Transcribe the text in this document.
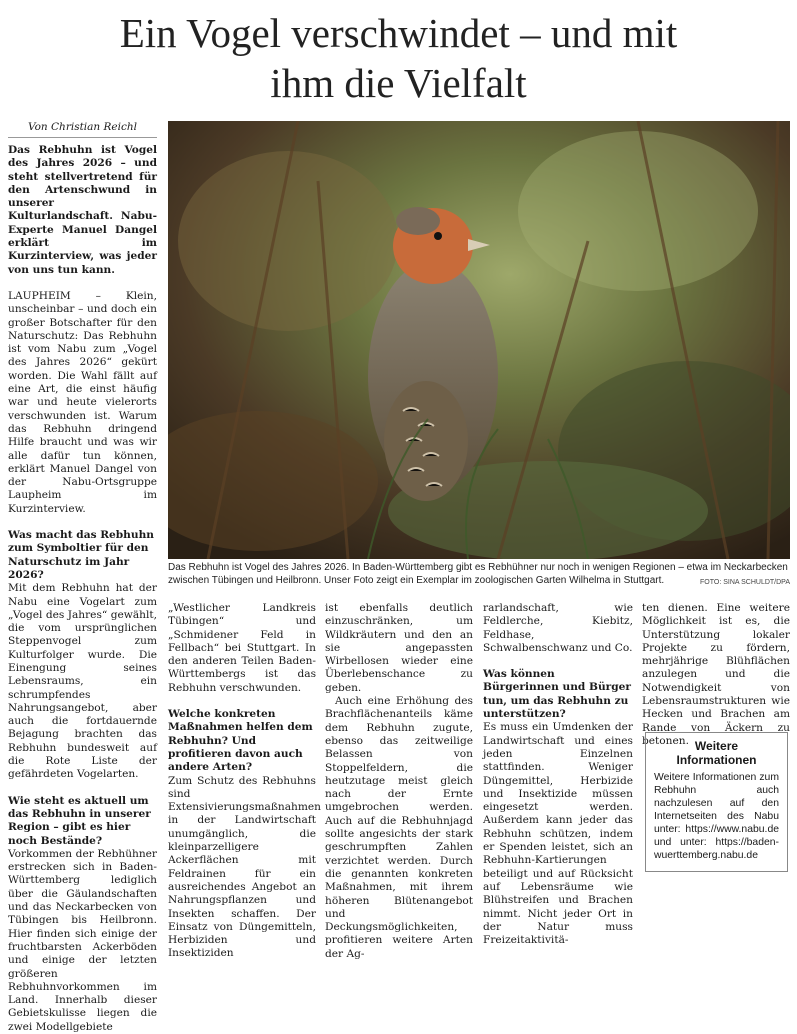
Ein Vogel verschwindet – und mit
ihm die Vielfalt
Von Christian Reichl

Das Rebhuhn ist Vogel des Jahres 2026 – und steht stellvertretend für den Artenschwund in unserer Kulturlandschaft. Nabu-Experte Manuel Dangel erklärt im Kurzinterview, was jeder von uns tun kann.

LAUPHEIM – Klein, unscheinbar – und doch ein großer Botschafter für den Naturschutz: Das Rebhuhn ist vom Nabu zum „Vogel des Jahres 2026“ gekürt worden. Die Wahl fällt auf eine Art, die einst häufig war und heute vielerorts verschwunden ist. Warum das Rebhuhn dringend Hilfe braucht und was wir alle dafür tun können, erklärt Manuel Dangel von der Nabu-Ortsgruppe Laupheim im Kurzinterview.

Was macht das Rebhuhn zum Symboltier für den Naturschutz im Jahr 2026?

Mit dem Rebhuhn hat der Nabu eine Vogelart zum „Vogel des Jahres“ gewählt, die vom ursprünglichen Steppenvogel zum Kulturfolger wurde. Die Einengung seines Lebensraums, ein schrumpfendes Nahrungsangebot, aber auch die fortdauernde Bejagung brachten das Rebhuhn bundesweit auf die Rote Liste der gefährdeten Vogelarten.

Wie steht es aktuell um das Rebhuhn in unserer Region – gibt es hier noch Bestände?

Vorkommen der Rebhühner erstrecken sich in Baden-Württemberg lediglich über die Gäulandschaften und das Neckarbecken von Tübingen bis Heilbronn. Hier finden sich einige der fruchtbarsten Ackerböden und einige der letzten größeren Rebhuhnvorkommen im Land. Innerhalb dieser Gebietskulisse liegen die zwei Modellgebiete

Das Rebhuhn ist Vogel des Jahres 2026. In Baden-Württemberg gibt es Rebhühner nur noch in wenigen Regionen – etwa im Neckarbecken zwischen Tübingen und Heilbronn. Unser Foto zeigt ein Exemplar im zoologischen Garten Wilhelma in Stuttgart.	FOTO: SINA SCHULDT/DPA

„Westlicher Landkreis Tübingen“ und „Schmidener Feld in Fellbach“ bei Stuttgart. In den anderen Teilen Baden-Württembergs ist das Rebhuhn verschwunden.

Welche konkreten Maßnahmen helfen dem Rebhuhn? Und profitieren davon auch andere Arten?

Zum Schutz des Rebhuhns sind Extensivierungsmaßnahmen in der Landwirtschaft unumgänglich, die kleinparzelligere Ackerflächen mit Feldrainen für ein ausreichendes Angebot an Nahrungspflanzen und Insekten schaffen. Der Einsatz von Düngemitteln, Herbiziden und Insektiziden

ist ebenfalls deutlich einzuschränken, um Wildkräutern und den an sie angepassten Wirbellosen wieder eine Überlebenschance zu geben.

Auch eine Erhöhung des Brachflächenanteils käme dem Rebhuhn zugute, ebenso das zeitweilige Belassen von Stoppelfeldern, die heutzutage meist gleich nach der Ernte umgebrochen werden. Auch auf die Rebhuhnjagd sollte angesichts der stark geschrumpften Zahlen verzichtet werden. Durch die genannten konkreten Maßnahmen, mit ihrem höheren Blütenangebot und Deckungsmöglichkeiten, profitieren weitere Arten der Ag-

rarlandschaft, wie Feldlerche, Kiebitz, Feldhase, Schwalbenschwanz und Co.

Was können Bürgerinnen und Bürger tun, um das Rebhuhn zu unterstützen?

Es muss ein Umdenken der Landwirtschaft und eines jeden Einzelnen stattfinden. Weniger Düngemittel, Herbizide und Insektizide müssen eingesetzt werden. Außerdem kann jeder das Rebhuhn schützen, indem er Spenden leistet, sich an Rebhuhn-Kartierungen beteiligt und auf Rücksicht auf Lebensräume wie Blühstreifen und Brachen nimmt. Nicht jeder Ort in der Natur muss Freizeitaktivitä-

ten dienen. Eine weitere Möglichkeit ist es, die Unterstützung lokaler Projekte zu fördern, mehrjährige Blühflächen anzulegen und die Notwendigkeit von Lebensraumstrukturen wie Hecken und Brachen am Rande von Äckern zu betonen. Weitere
Informationen
Weitere Informationen zum Rebhuhn auch nachzulesen auf den Internetseiten des Nabu unter: https://www.nabu.de und unter: https://baden-wuerttemberg.nabu.de
